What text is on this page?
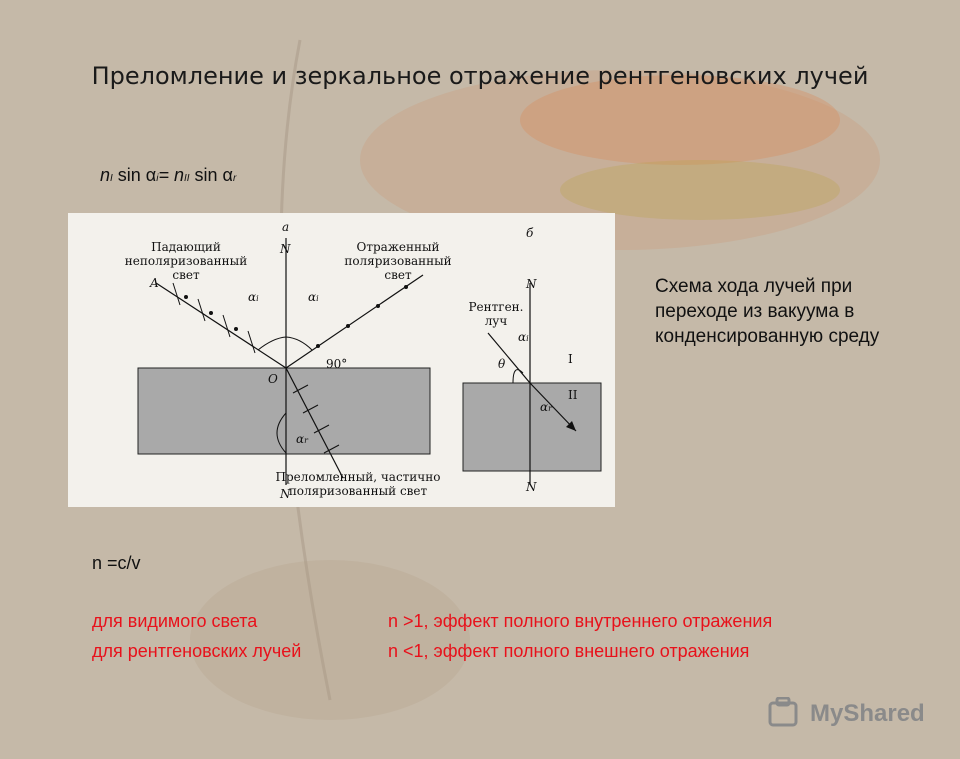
Преломление и зеркальное отражение рентгеновских лучей
nI sin αi= nII sin αr
а
N
N
A
O
90°
αi	αi
αr
Падающий
неполяризованный
свет
Отраженный
поляризованный
свет
Преломленный, частично
поляризованный свет
б
N
N
Рентген.
луч
θ
αi
αr
I
II
Схема хода лучей при переходе из вакуума в конденсированную среду
n =c/v
для видимого света	n >1, эффект полного внутреннего отражения
для рентгеновских лучей	n <1, эффект полного внешнего отражения
MyShared
